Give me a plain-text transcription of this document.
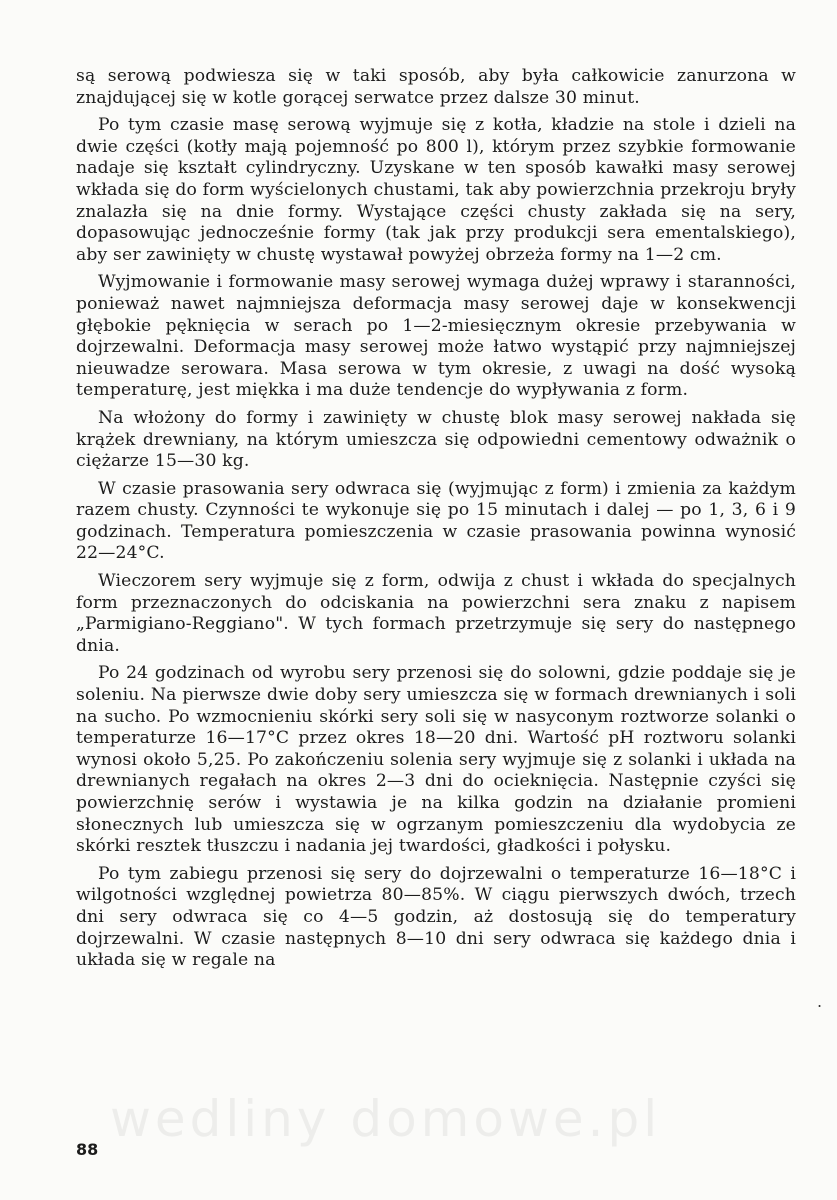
wedliny domowe.pl

są serową podwiesza się w taki sposób, aby była całkowicie zanurzona w znajdującej się w kotle gorącej serwatce przez dalsze 30 minut.

Po tym czasie masę serową wyjmuje się z kotła, kładzie na stole i dzieli na dwie części (kotły mają pojemność po 800 l), którym przez szybkie formowanie nadaje się kształt cylindryczny. Uzyskane w ten sposób kawałki masy serowej wkłada się do form wyścielonych chustami, tak aby powierzchnia przekroju bryły znalazła się na dnie formy. Wystające części chusty zakłada się na sery, dopasowując jednocześnie formy (tak jak przy produkcji sera ementalskiego), aby ser zawinięty w chustę wystawał powyżej obrzeża formy na 1—2 cm.

Wyjmowanie i formowanie masy serowej wymaga dużej wprawy i staranności, ponieważ nawet najmniejsza deformacja masy serowej daje w konsekwencji głębokie pęknięcia w serach po 1—2-miesięcznym okresie przebywania w dojrzewalni. Deformacja masy serowej może łatwo wystąpić przy najmniejszej nieuwadze serowara. Masa serowa w tym okresie, z uwagi na dość wysoką temperaturę, jest miękka i ma duże tendencje do wypływania z form.

Na włożony do formy i zawinięty w chustę blok masy serowej nakłada się krążek drewniany, na którym umieszcza się odpowiedni cementowy odważnik o ciężarze 15—30 kg.

W czasie prasowania sery odwraca się (wyjmując z form) i zmienia za każdym razem chusty. Czynności te wykonuje się po 15 minutach i dalej — po 1, 3, 6 i 9 godzinach. Temperatura pomieszczenia w czasie prasowania powinna wynosić 22—24°C.

Wieczorem sery wyjmuje się z form, odwija z chust i wkłada do specjalnych form przeznaczonych do odciskania na powierzchni sera znaku z napisem „Parmigiano-Reggiano". W tych formach przetrzymuje się sery do następnego dnia.

Po 24 godzinach od wyrobu sery przenosi się do solowni, gdzie poddaje się je soleniu. Na pierwsze dwie doby sery umieszcza się w formach drewnianych i soli na sucho. Po wzmocnieniu skórki sery soli się w nasyconym roztworze solanki o temperaturze 16—17°C przez okres 18—20 dni. Wartość pH roztworu solanki wynosi około 5,25. Po zakończeniu solenia sery wyjmuje się z solanki i układa na drewnianych regałach na okres 2—3 dni do ocieknięcia. Następnie czyści się powierzchnię serów i wystawia je na kilka godzin na działanie promieni słonecznych lub umieszcza się w ogrzanym pomieszczeniu dla wydobycia ze skórki resztek tłuszczu i nadania jej twardości, gładkości i połysku.

Po tym zabiegu przenosi się sery do dojrzewalni o temperaturze 16—18°C i wilgotności względnej powietrza 80—85%. W ciągu pierwszych dwóch, trzech dni sery odwraca się co 4—5 godzin, aż dostosują się do temperatury dojrzewalni. W czasie następnych 8—10 dni sery odwraca się każdego dnia i układa się w regale na

.
88
